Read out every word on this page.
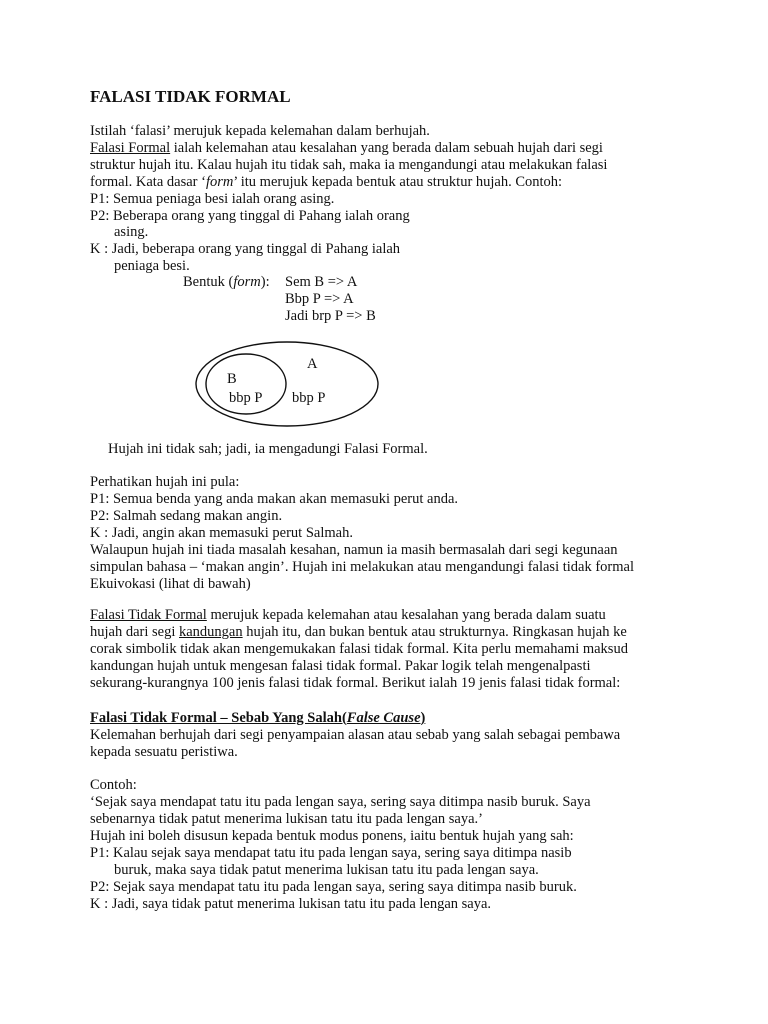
FALASI TIDAK FORMAL
Istilah ‘falasi’ merujuk kepada kelemahan dalam berhujah.
Falasi Formal ialah kelemahan atau kesalahan yang berada dalam sebuah hujah dari segi
struktur hujah itu. Kalau hujah itu tidak sah, maka ia mengandungi atau melakukan falasi
formal. Kata dasar ‘form’ itu merujuk kepada bentuk atau struktur hujah. Contoh:
P1: Semua peniaga besi ialah orang asing.
P2: Beberapa orang yang tinggal di Pahang ialah orang
asing.
K : Jadi, beberapa orang yang tinggal di Pahang ialah
peniaga besi.
Bentuk (form): Sem B => A
Bbp P => A
Jadi brp P => B
A
B
bbp P bbp P
Hujah ini tidak sah; jadi, ia mengadungi Falasi Formal.
Perhatikan hujah ini pula:
P1: Semua benda yang anda makan akan memasuki perut anda.
P2: Salmah sedang makan angin.
K : Jadi, angin akan memasuki perut Salmah.
Walaupun hujah ini tiada masalah kesahan, namun ia masih bermasalah dari segi kegunaan
simpulan bahasa – ‘makan angin’. Hujah ini melakukan atau mengandungi falasi tidak formal
Ekuivokasi (lihat di bawah)
Falasi Tidak Formal merujuk kepada kelemahan atau kesalahan yang berada dalam suatu
hujah dari segi kandungan hujah itu, dan bukan bentuk atau strukturnya. Ringkasan hujah ke
corak simbolik tidak akan mengemukakan falasi tidak formal. Kita perlu memahami maksud
kandungan hujah untuk mengesan falasi tidak formal. Pakar logik telah mengenalpasti
sekurang-kurangnya 100 jenis falasi tidak formal. Berikut ialah 19 jenis falasi tidak formal:
Falasi Tidak Formal – Sebab Yang Salah(False Cause)
Kelemahan berhujah dari segi penyampaian alasan atau sebab yang salah sebagai pembawa
kepada sesuatu peristiwa.
Contoh:
‘Sejak saya mendapat tatu itu pada lengan saya, sering saya ditimpa nasib buruk. Saya
sebenarnya tidak patut menerima lukisan tatu itu pada lengan saya.’
Hujah ini boleh disusun kepada bentuk modus ponens, iaitu bentuk hujah yang sah:
P1: Kalau sejak saya mendapat tatu itu pada lengan saya, sering saya ditimpa nasib
buruk, maka saya tidak patut menerima lukisan tatu itu pada lengan saya.
P2: Sejak saya mendapat tatu itu pada lengan saya, sering saya ditimpa nasib buruk.
K : Jadi, saya tidak patut menerima lukisan tatu itu pada lengan saya.
